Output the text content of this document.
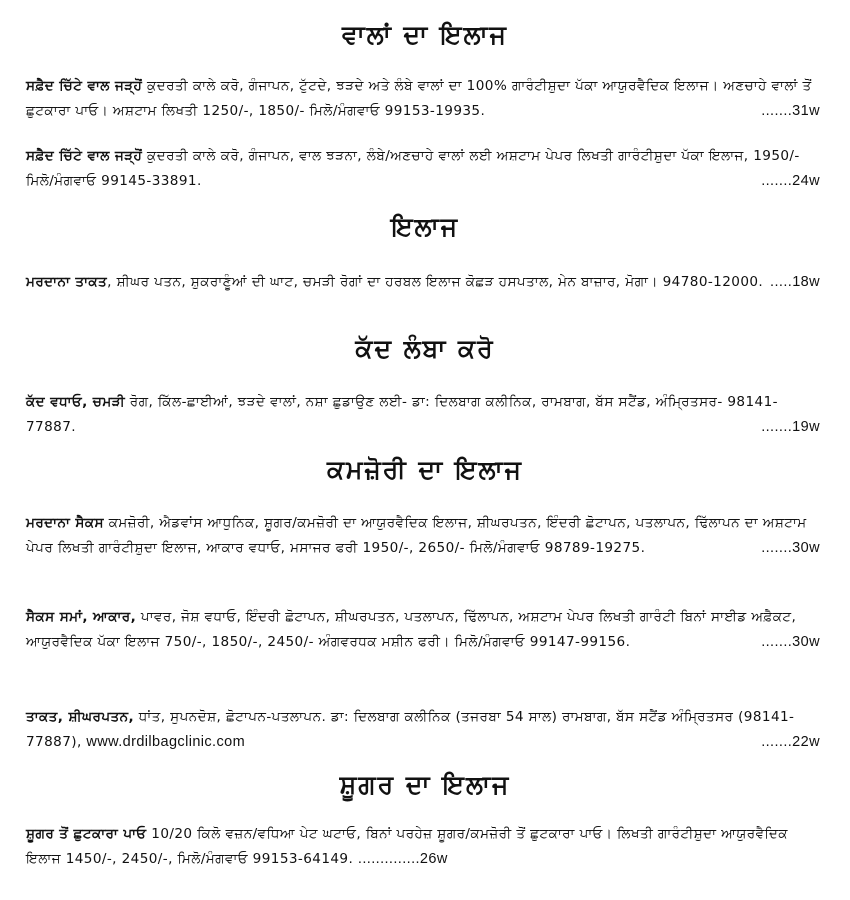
ਵਾਲਾਂ ਦਾ ਇਲਾਜ
ਸਫ਼ੈਦ ਚਿੱਟੇ ਵਾਲ ਜੜ੍ਹੋਂ ਕੁਦਰਤੀ ਕਾਲੇ ਕਰੋ, ਗੰਜਾਪਨ, ਟੁੱਟਦੇ, ਝੜਦੇ ਅਤੇ ਲੰਬੇ ਵਾਲਾਂ ਦਾ 100% ਗਾਰੰਟੀਸ਼ੁਦਾ ਪੱਕਾ ਆਯੁਰਵੈਦਿਕ ਇਲਾਜ। ਅਣਚਾਹੇ ਵਾਲਾਂ ਤੋਂ ਛੁਟਕਾਰਾ ਪਾਓ। ਅਸ਼ਟਾਮ ਲਿਖਤੀ 1250/-, 1850/- ਮਿਲੋ/ਮੰਗਵਾਓ 99153-19935.	.......31w
ਸਫ਼ੈਦ ਚਿੱਟੇ ਵਾਲ ਜੜ੍ਹੋਂ ਕੁਦਰਤੀ ਕਾਲੇ ਕਰੋ, ਗੰਜਾਪਨ, ਵਾਲ ਝੜਨਾ, ਲੰਬੇ/ਅਣਚਾਹੇ ਵਾਲਾਂ ਲਈ ਅਸ਼ਟਾਮ ਪੇਪਰ ਲਿਖਤੀ ਗਾਰੰਟੀਸ਼ੁਦਾ ਪੱਕਾ ਇਲਾਜ, 1950/- ਮਿਲੋ/ਮੰਗਵਾਓ 99145-33891.	.......24w
ਇਲਾਜ
ਮਰਦਾਨਾ ਤਾਕਤ, ਸ਼ੀਘਰ ਪਤਨ, ਸ਼ੁਕਰਾਣੂੰਆਂ ਦੀ ਘਾਟ, ਚਮੜੀ ਰੋਗਾਂ ਦਾ ਹਰਬਲ ਇਲਾਜ ਕੋਛੜ ਹਸਪਤਾਲ, ਮੇਨ ਬਾਜ਼ਾਰ, ਮੋਗਾ। 94780-12000. .....18w
ਕੱਦ ਲੰਬਾ ਕਰੋ
ਕੱਦ ਵਧਾਓ, ਚਮੜੀ ਰੋਗ, ਕਿੱਲ-ਛਾਈਆਂ, ਝੜਦੇ ਵਾਲਾਂ, ਨਸ਼ਾ ਛੁਡਾਉਣ ਲਈ- ਡਾ: ਦਿਲਬਾਗ ਕਲੀਨਿਕ, ਰਾਮਬਾਗ, ਬੱਸ ਸਟੈਂਡ, ਅੰਮ੍ਰਿਤਸਰ- 98141-77887.	.......19w
ਕਮਜ਼ੋਰੀ ਦਾ ਇਲਾਜ
ਮਰਦਾਨਾ ਸੈਕਸ ਕਮਜ਼ੋਰੀ, ਐਡਵਾਂਸ ਆਧੁਨਿਕ, ਸ਼ੂਗਰ/ਕਮਜ਼ੋਰੀ ਦਾ ਆਯੁਰਵੈਦਿਕ ਇਲਾਜ, ਸ਼ੀਘਰਪਤਨ, ਇੰਦਰੀ ਛੋਟਾਪਨ, ਪਤਲਾਪਨ, ਢਿੱਲਾਪਨ ਦਾ ਅਸ਼ਟਾਮ ਪੇਪਰ ਲਿਖਤੀ ਗਾਰੰਟੀਸ਼ੁਦਾ ਇਲਾਜ, ਆਕਾਰ ਵਧਾਓ, ਮਸਾਜਰ ਫਰੀ 1950/-, 2650/- ਮਿਲੋ/ਮੰਗਵਾਓ 98789-19275.	.......30w
ਸੈਕਸ ਸਮਾਂ, ਆਕਾਰ, ਪਾਵਰ, ਜੋਸ਼ ਵਧਾਓ, ਇੰਦਰੀ ਛੋਟਾਪਨ, ਸ਼ੀਘਰਪਤਨ, ਪਤਲਾਪਨ, ਢਿੱਲਾਪਨ, ਅਸ਼ਟਾਮ ਪੇਪਰ ਲਿਖਤੀ ਗਾਰੰਟੀ ਬਿਨਾਂ ਸਾਈਡ ਅਫ਼ੈਕਟ, ਆਯੁਰਵੈਦਿਕ ਪੱਕਾ ਇਲਾਜ 750/-, 1850/-, 2450/- ਅੰਗਵਰਧਕ ਮਸ਼ੀਨ ਫਰੀ। ਮਿਲੋ/ਮੰਗਵਾਓ 99147-99156.	.......30w
ਤਾਕਤ, ਸ਼ੀਘਰਪਤਨ, ਧਾਂਤ, ਸੁਪਨਦੋਸ਼, ਛੋਟਾਪਨ-ਪਤਲਾਪਨ. ਡਾ: ਦਿਲਬਾਗ ਕਲੀਨਿਕ (ਤਜਰਬਾ 54 ਸਾਲ) ਰਾਮਬਾਗ, ਬੱਸ ਸਟੈਂਡ ਅੰਮ੍ਰਿਤਸਰ (98141-77887), www.drdilbagclinic.com	.......22w
ਸ਼ੂਗਰ ਦਾ ਇਲਾਜ
ਸ਼ੂਗਰ ਤੋਂ ਛੁਟਕਾਰਾ ਪਾਓ 10/20 ਕਿਲੋ ਵਜ਼ਨ/ਵਧਿਆ ਪੇਟ ਘਟਾਓ, ਬਿਨਾਂ ਪਰਹੇਜ਼ ਸ਼ੂਗਰ/ਕਮਜ਼ੋਰੀ ਤੋਂ ਛੁਟਕਾਰਾ ਪਾਓ। ਲਿਖਤੀ ਗਾਰੰਟੀਸ਼ੁਦਾ ਆਯੁਰਵੈਦਿਕ ਇਲਾਜ 1450/-, 2450/-, ਮਿਲੋ/ਮੰਗਵਾਓ 99153-64149. ..............26w
